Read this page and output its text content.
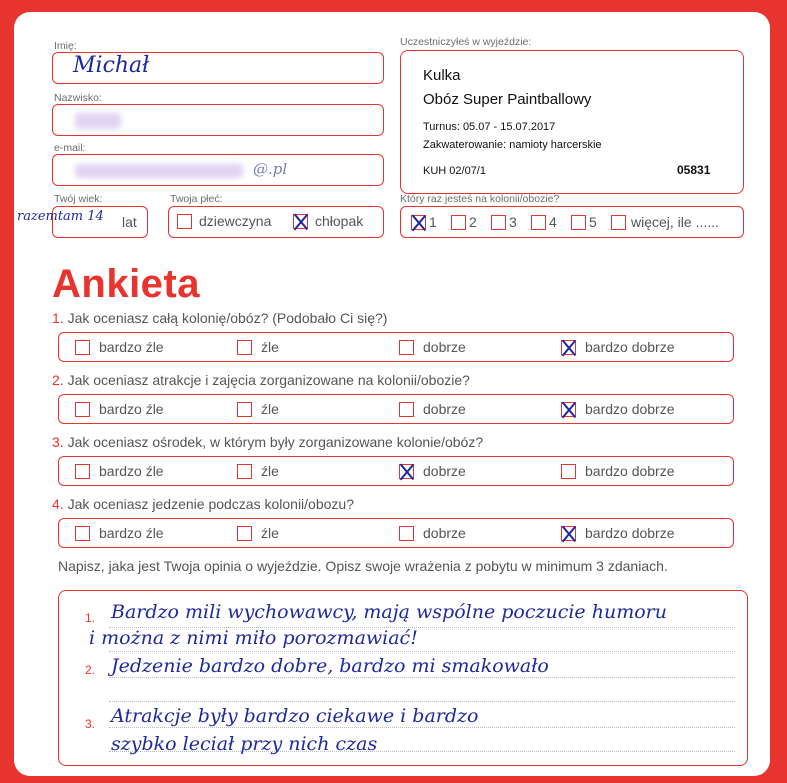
Imię:
Michał
Nazwisko:
e-mail:
@.pl
Twój wiek:
razemtam 14 lat
Twoja płeć:
dziewczyna	chłopak
Uczestniczyłeś w wyjeździe:
Kulka
Obóz Super Paintballowy
Turnus: 05.07 - 15.07.2017
Zakwaterowanie: namioty harcerskie
KUH 02/07/1	05831
Który raz jesteś na kolonii/obozie?
1 2 3 4 5 więcej, ile ......
Ankieta
1. Jak oceniasz całą kolonię/obóz? (Podobało Ci się?)
bardzo źle	źle	dobrze	bardzo dobrze
2. Jak oceniasz atrakcje i zajęcia zorganizowane na kolonii/obozie?
bardzo źle	źle	dobrze	bardzo dobrze
3. Jak oceniasz ośrodek, w którym były zorganizowane kolonie/obóz?
bardzo źle	źle	dobrze	bardzo dobrze
4. Jak oceniasz jedzenie podczas kolonii/obozu?
bardzo źle	źle	dobrze	bardzo dobrze
Napisz, jaka jest Twoja opinia o wyjeździe. Opisz swoje wrażenia z pobytu w minimum 3 zdaniach.
1.
2.
3.
Bardzo mili wychowawcy, mają wspólne poczucie humoru
i można z nimi miło porozmawiać!
Jedzenie bardzo dobre, bardzo mi smakowało
Atrakcje były bardzo ciekawe i bardzo
szybko leciał przy nich czas
